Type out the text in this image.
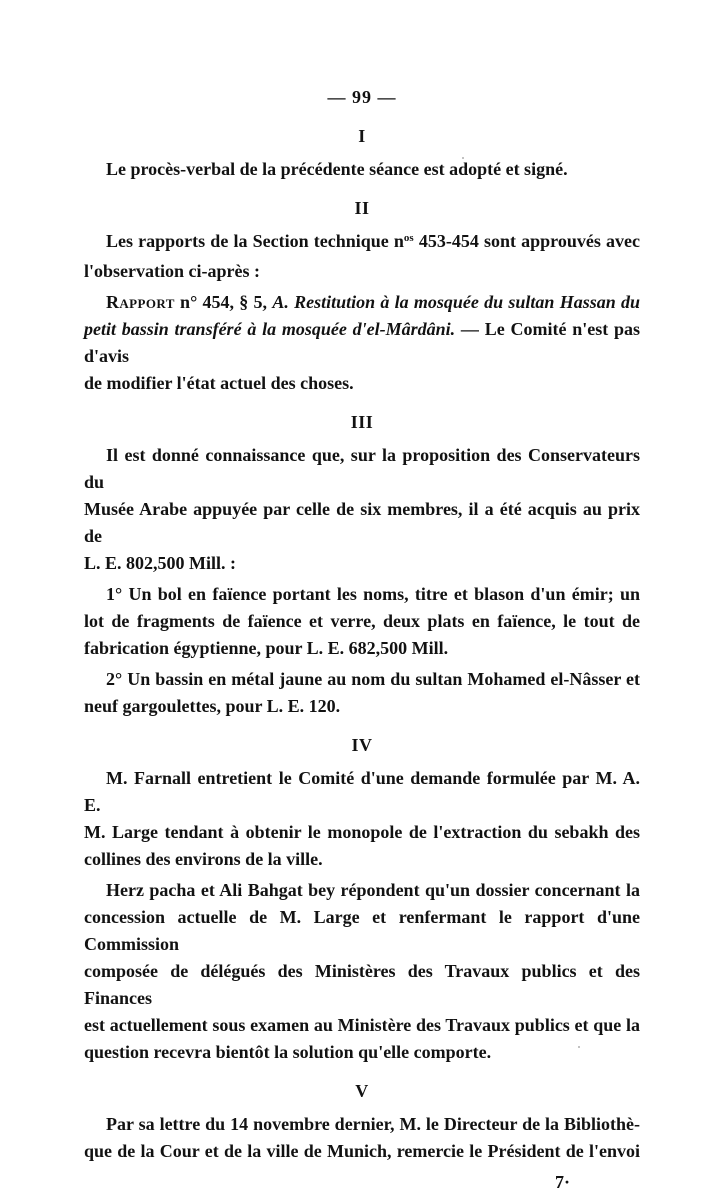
— 99 —
I
Le procès-verbal de la précédente séance est adopté et signé.
II
Les rapports de la Section technique $n^{os}$ 453-454 sont approuvés avec
l'observation ci-après :
Rapport n° 454, § 5, A. Restitution à la mosquée du sultan Hassan du
petit bassin transféré à la mosquée d'el-Mârdâni. — Le Comité n'est pas d'avis
de modifier l'état actuel des choses.
III
Il est donné connaissance que, sur la proposition des Conservateurs du
Musée Arabe appuyée par celle de six membres, il a été acquis au prix de
L. E. 802,500 Mill. :
1° Un bol en faïence portant les noms, titre et blason d'un émir; un
lot de fragments de faïence et verre, deux plats en faïence, le tout de
fabrication égyptienne, pour L. E. 682,500 Mill.
2° Un bassin en métal jaune au nom du sultan Mohamed el-Nâsser et
neuf gargoulettes, pour L. E. 120.
IV
M. Farnall entretient le Comité d'une demande formulée par M. A. E.
M. Large tendant à obtenir le monopole de l'extraction du sebakh des
collines des environs de la ville.
Herz pacha et Ali Bahgat bey répondent qu'un dossier concernant la
concession actuelle de M. Large et renfermant le rapport d'une Commission
composée de délégués des Ministères des Travaux publics et des Finances
est actuellement sous examen au Ministère des Travaux publics et que la
question recevra bientôt la solution qu'elle comporte.
V
Par sa lettre du 14 novembre dernier, M. le Directeur de la Bibliothè-
que de la Cour et de la ville de Munich, remercie le Président de l'envoi
7·
